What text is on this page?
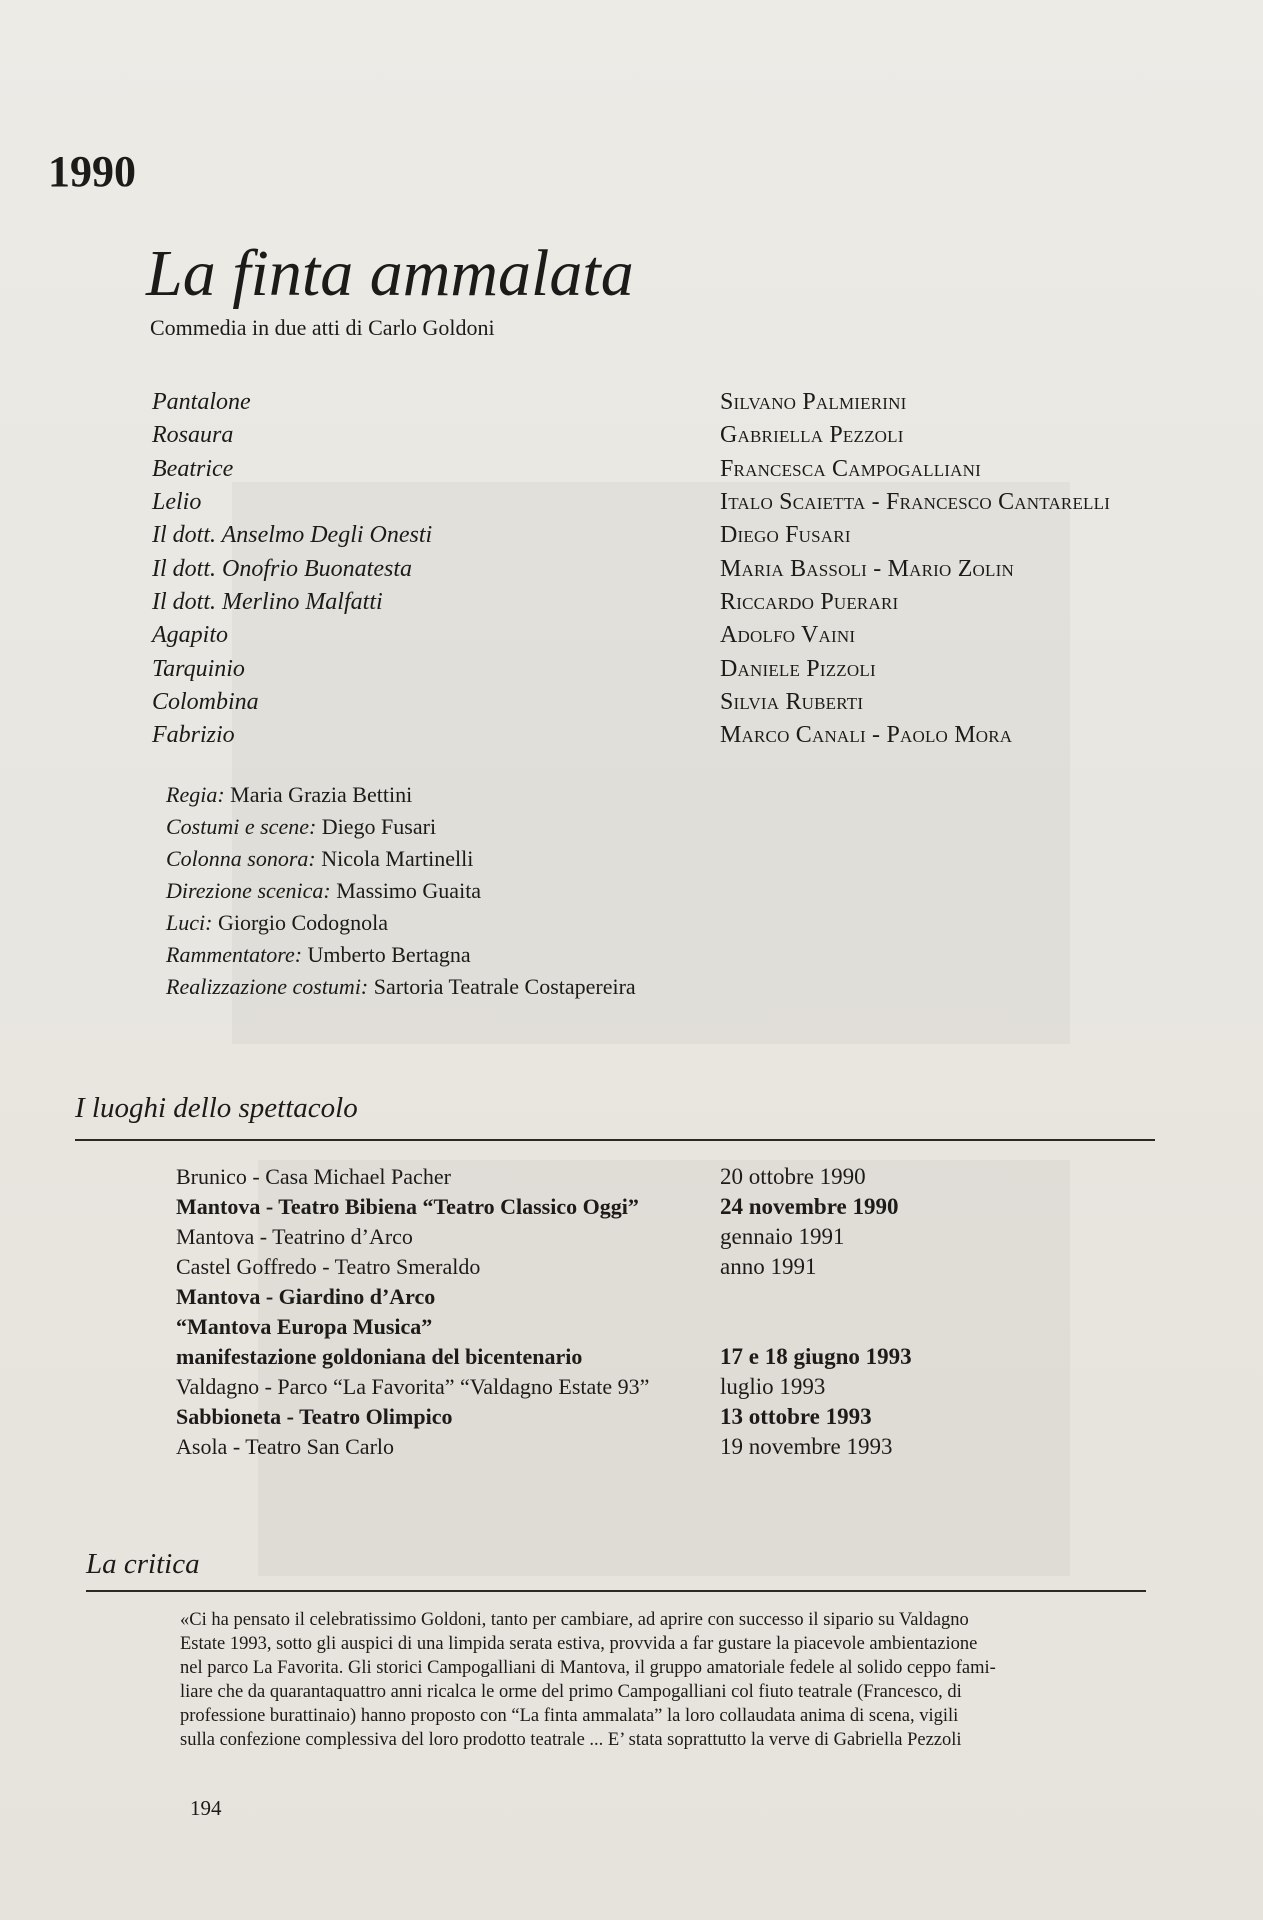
1990
La finta ammalata
Commedia in due atti di Carlo Goldoni
Pantalone	Silvano Palmierini
Rosaura	Gabriella Pezzoli
Beatrice	Francesca Campogalliani
Lelio	Italo Scaietta - Francesco Cantarelli
Il dott. Anselmo Degli Onesti	Diego Fusari
Il dott. Onofrio Buonatesta	Maria Bassoli - Mario Zolin
Il dott. Merlino Malfatti	Riccardo Puerari
Agapito	Adolfo Vaini
Tarquinio	Daniele Pizzoli
Colombina	Silvia Ruberti
Fabrizio	Marco Canali - Paolo Mora
Regia: Maria Grazia Bettini
Costumi e scene: Diego Fusari
Colonna sonora: Nicola Martinelli
Direzione scenica: Massimo Guaita
Luci: Giorgio Codognola
Rammentatore: Umberto Bertagna
Realizzazione costumi: Sartoria Teatrale Costapereira
I luoghi dello spettacolo
Brunico - Casa Michael Pacher	20 ottobre 1990
Mantova - Teatro Bibiena “Teatro Classico Oggi”	24 novembre 1990
Mantova - Teatrino d’Arco	gennaio 1991
Castel Goffredo - Teatro Smeraldo	anno 1991
Mantova - Giardino d’Arco
“Mantova Europa Musica”
manifestazione goldoniana del bicentenario	17 e 18 giugno 1993
Valdagno - Parco “La Favorita” “Valdagno Estate 93”	luglio 1993
Sabbioneta - Teatro Olimpico	13 ottobre 1993
Asola - Teatro San Carlo	19 novembre 1993
La critica
«Ci ha pensato il celebratissimo Goldoni, tanto per cambiare, ad aprire con successo il sipario su Valdagno
Estate 1993, sotto gli auspici di una limpida serata estiva, provvida a far gustare la piacevole ambientazione
nel parco La Favorita. Gli storici Campogalliani di Mantova, il gruppo amatoriale fedele al solido ceppo fami-
liare che da quarantaquattro anni ricalca le orme del primo Campogalliani col fiuto teatrale (Francesco, di
professione burattinaio) hanno proposto con “La finta ammalata” la loro collaudata anima di scena, vigili
sulla confezione complessiva del loro prodotto teatrale ... E’ stata soprattutto la verve di Gabriella Pezzoli
194
